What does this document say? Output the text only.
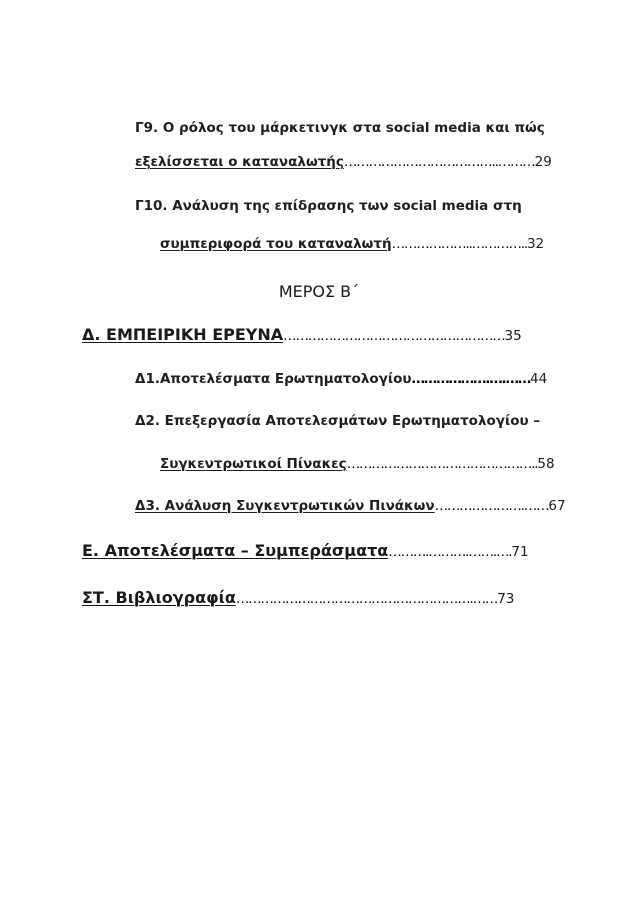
Γ9. Ο ρόλος του μάρκετινγκ στα social media και πώς
εξελίσσεται ο καταναλωτής………………………………..………29
Γ10. Ανάλυση της επίδρασης των social media στη
συμπεριφορά του καταναλωτή………………..…………..32
ΜΕΡΟΣ Β΄
Δ. ΕΜΠΕΙΡΙΚΗ ΕΡΕΥΝΑ………………………………………………35
Δ1.Αποτελέσματα Ερωτηματολογίου……………….….……44
Δ2. Επεξεργασία Αποτελεσμάτων Ερωτηματολογίου –
Συγκεντρωτικοί Πίνακες………………………………………..58
Δ3. Ανάλυση Συγκεντρωτικών Πινάκων………………….……67
Ε. Αποτελέσματα – Συμπεράσματα……….……….…….….71
ΣΤ. Βιβλιογραφία………………………………………………….……73
